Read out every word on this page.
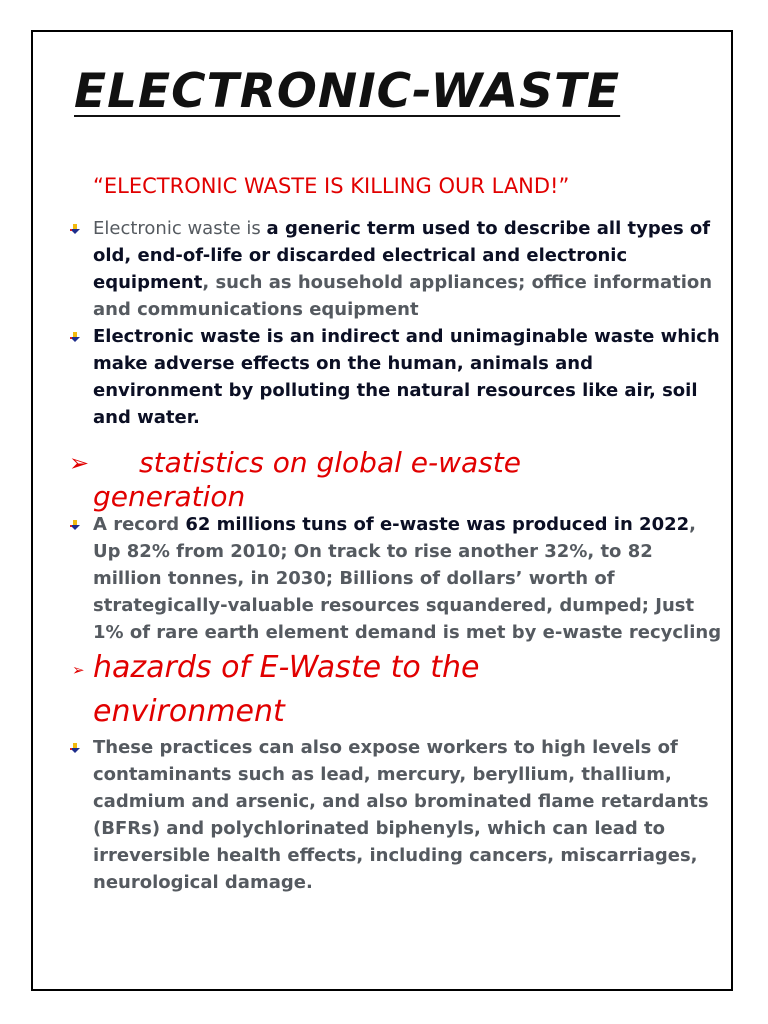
ELECTRONIC-WASTE

“ELECTRONIC WASTE IS KILLING OUR LAND!”

Electronic waste is a generic term used to describe all types of old, end-of-life or discarded electrical and electronic equipment, such as household appliances; office information and communications equipment

Electronic waste is an indirect and unimaginable waste which make adverse effects on the human, animals and environment by polluting the natural resources like air, soil and water.

➢ statistics on global e-waste generation

A record 62 millions tuns of e-waste was produced in 2022, Up 82% from 2010; On track to rise another 32%, to 82 million tonnes, in 2030; Billions of dollars’ worth of strategically-valuable resources squandered, dumped; Just 1% of rare earth element demand is met by e-waste recycling

➢ hazards of E-Waste to the environment

These practices can also expose workers to high levels of contaminants such as lead, mercury, beryllium, thallium, cadmium and arsenic, and also brominated flame retardants (BFRs) and polychlorinated biphenyls, which can lead to irreversible health effects, including cancers, miscarriages, neurological damage.
